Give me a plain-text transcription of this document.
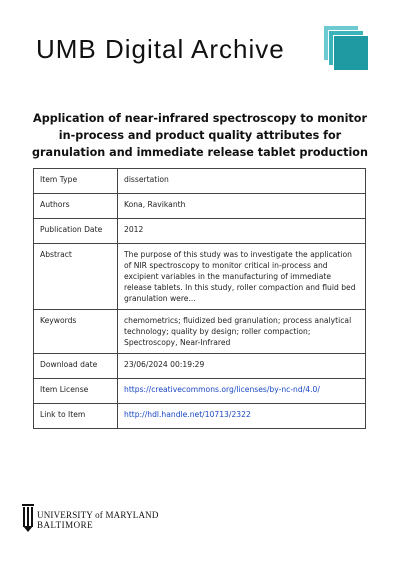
UMB Digital Archive
Application of near-infrared spectroscopy to monitor
in-process and product quality attributes for
granulation and immediate release tablet production
Item Type	dissertation
Authors	Kona, Ravikanth
Publication Date	2012
Abstract	The purpose of this study was to investigate the application of NIR spectroscopy to monitor critical in-process and excipient variables in the manufacturing of immediate release tablets. In this study, roller compaction and fluid bed granulation were...
Keywords	chemometrics; fluidized bed granulation; process analytical technology; quality by design; roller compaction; Spectroscopy, Near-Infrared
Download date	23/06/2024 00:19:29
Item License	https://creativecommons.org/licenses/by-nc-nd/4.0/
Link to Item	http://hdl.handle.net/10713/2322
UNIVERSITY of MARYLAND
BALTIMORE
